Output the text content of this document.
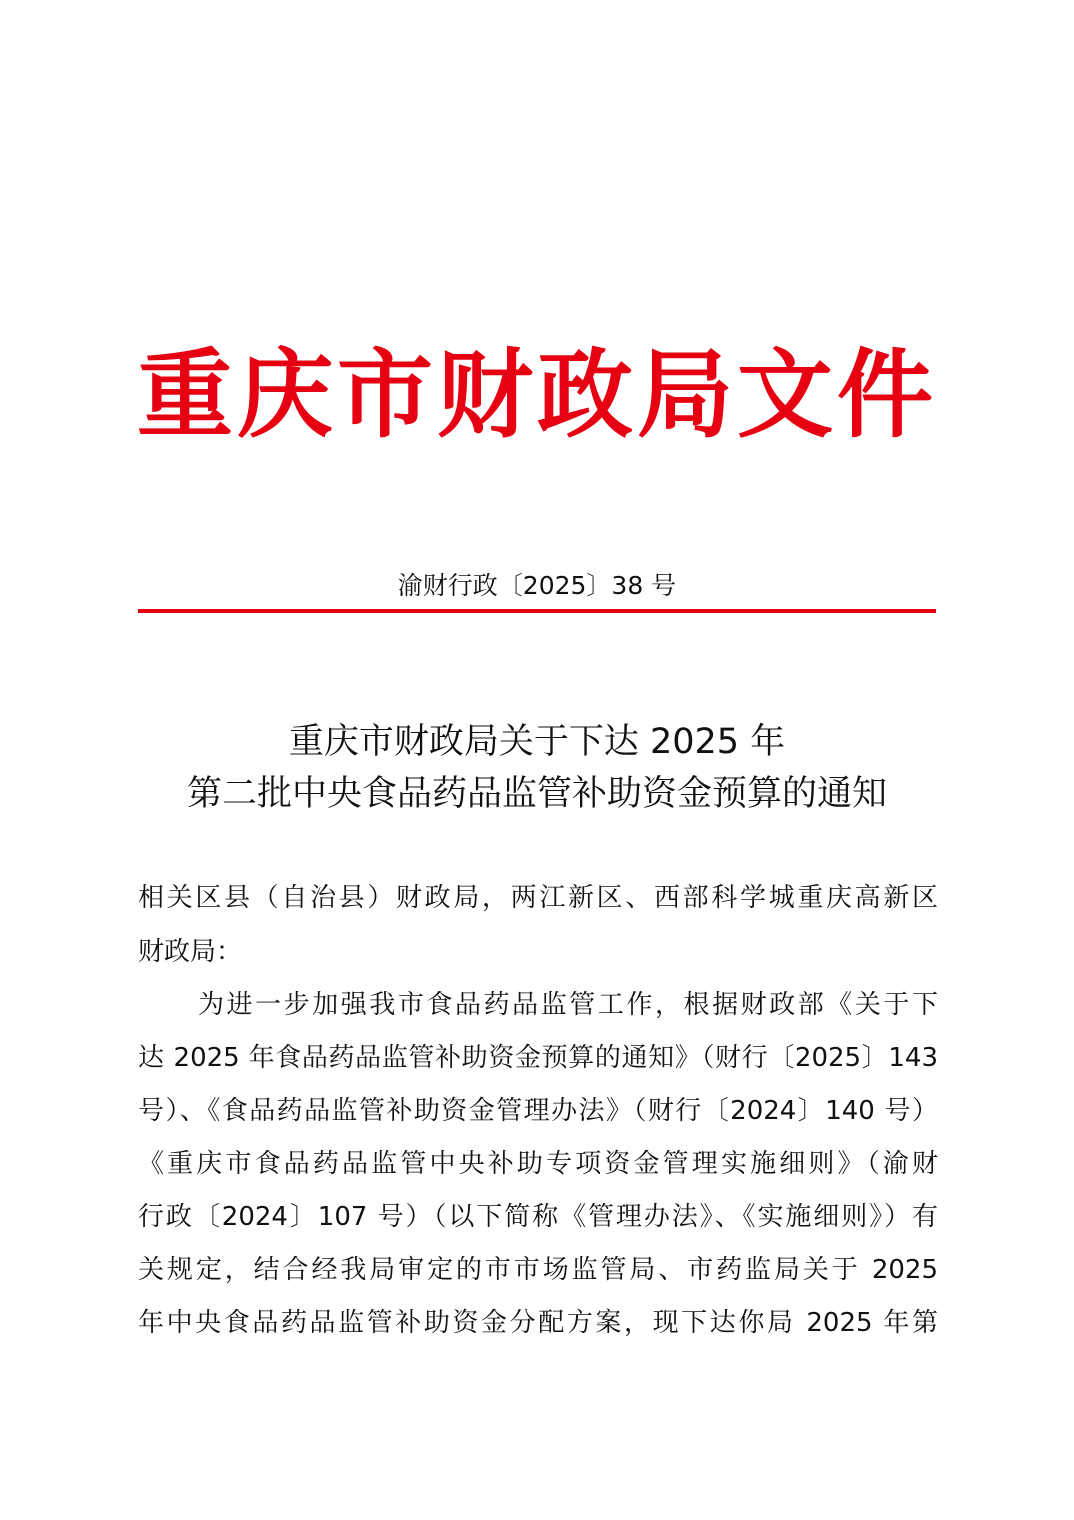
重庆市财政局文件
渝财行政〔2025〕38 号
重庆市财政局关于下达 2025 年
第二批中央食品药品监管补助资金预算的通知
相关区县（自治县）财政局，两江新区、西部科学城重庆高新区
财政局：
为进一步加强我市食品药品监管工作，根据财政部《关于下
达 2025 年食品药品监管补助资金预算的通知》（财行〔2025〕143
号）、《食品药品监管补助资金管理办法》（财行〔2024〕140 号）
《重庆市食品药品监管中央补助专项资金管理实施细则》（渝财
行政〔2024〕107 号）（以下简称《管理办法》、《实施细则》）有
关规定，结合经我局审定的市市场监管局、市药监局关于 2025
年中央食品药品监管补助资金分配方案，现下达你局 2025 年第
